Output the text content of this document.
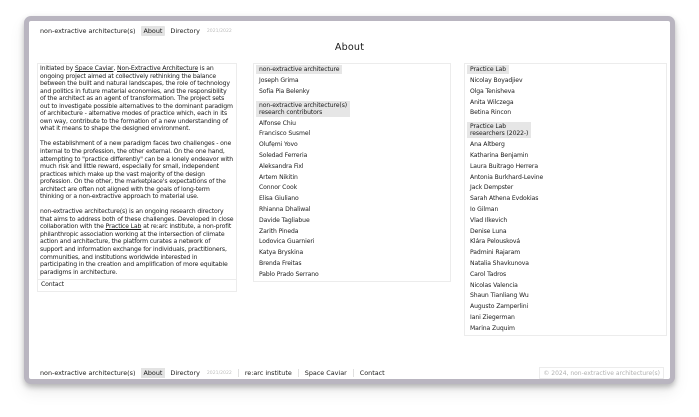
non-extractive architecture(s)	About	Directory	2021/2022
About

Initiated by Space Caviar, Non-Extractive Architecture is an ongoing project aimed at collectively rethinking the balance between the built and natural landscapes, the role of technology and politics in future material economies, and the responsibility of the architect as an agent of transformation. The project sets out to investigate possible alternatives to the dominant paradigm of architecture - alternative modes of practice which, each in its own way, contribute to the formation of a new understanding of what it means to shape the designed environment.

The establishment of a new paradigm faces two challenges - one internal to the profession, the other external. On the one hand, attempting to "practice differently" can be a lonely endeavor with much risk and little reward, especially for small, independent practices which make up the vast majority of the design profession. On the other, the marketplace's expectations of the architect are often not aligned with the goals of long-term thinking or a non-extractive approach to material use.

non-extractive architecture(s) is an ongoing research directory that aims to address both of these challenges. Developed in close collaboration with the Practice Lab at re:arc institute, a non-profit philanthropic association working at the intersection of climate action and architecture, the platform curates a network of support and information exchange for individuals, practitioners, communities, and institutions worldwide interested in participating in the creation and amplification of more equitable paradigms in architecture.

Contact
non-extractive architecture
Joseph Grima
Sofia Pia Belenky
non-extractive architecture(s)
research contributors
Alfonse Chiu
Francisco Susmel
Olufẹmi Yovo
Soledad Ferreria
Aleksandra Fixl
Artem Nikitin
Connor Cook
Elisa Giuliano
Rhianna Dhaliwal
Davide Tagliabue
Zarith Pineda
Lodovica Guarnieri
Katya Bryskina
Brenda Freitas
Pablo Prado Serrano
Practice Lab
Nicolay Boyadjiev
Olga Tenisheva
Anita Wilczega
Betina Rincon
Practice Lab
researchers (2022-)
Ana Altberg
Katharina Benjamin
Laura Buitrago Herrera
Antonia Burkhard-Levine
Jack Dempster
Sarah Athena Evdokias
Io Gilman
Vlad Ilkevich
Denise Luna
Klára Pelousková
Padmini Rajaram
Natalia Shavkunova
Carol Tadros
Nicolas Valencia
Shaun Tianliang Wu
Augusto Zamperlini
Iani Ziegerman
Marina Zuquim
non-extractive architecture(s)	About	Directory	2021/2022	re:arc institute	Space Caviar	Contact	© 2024, non-extractive architecture(s)
